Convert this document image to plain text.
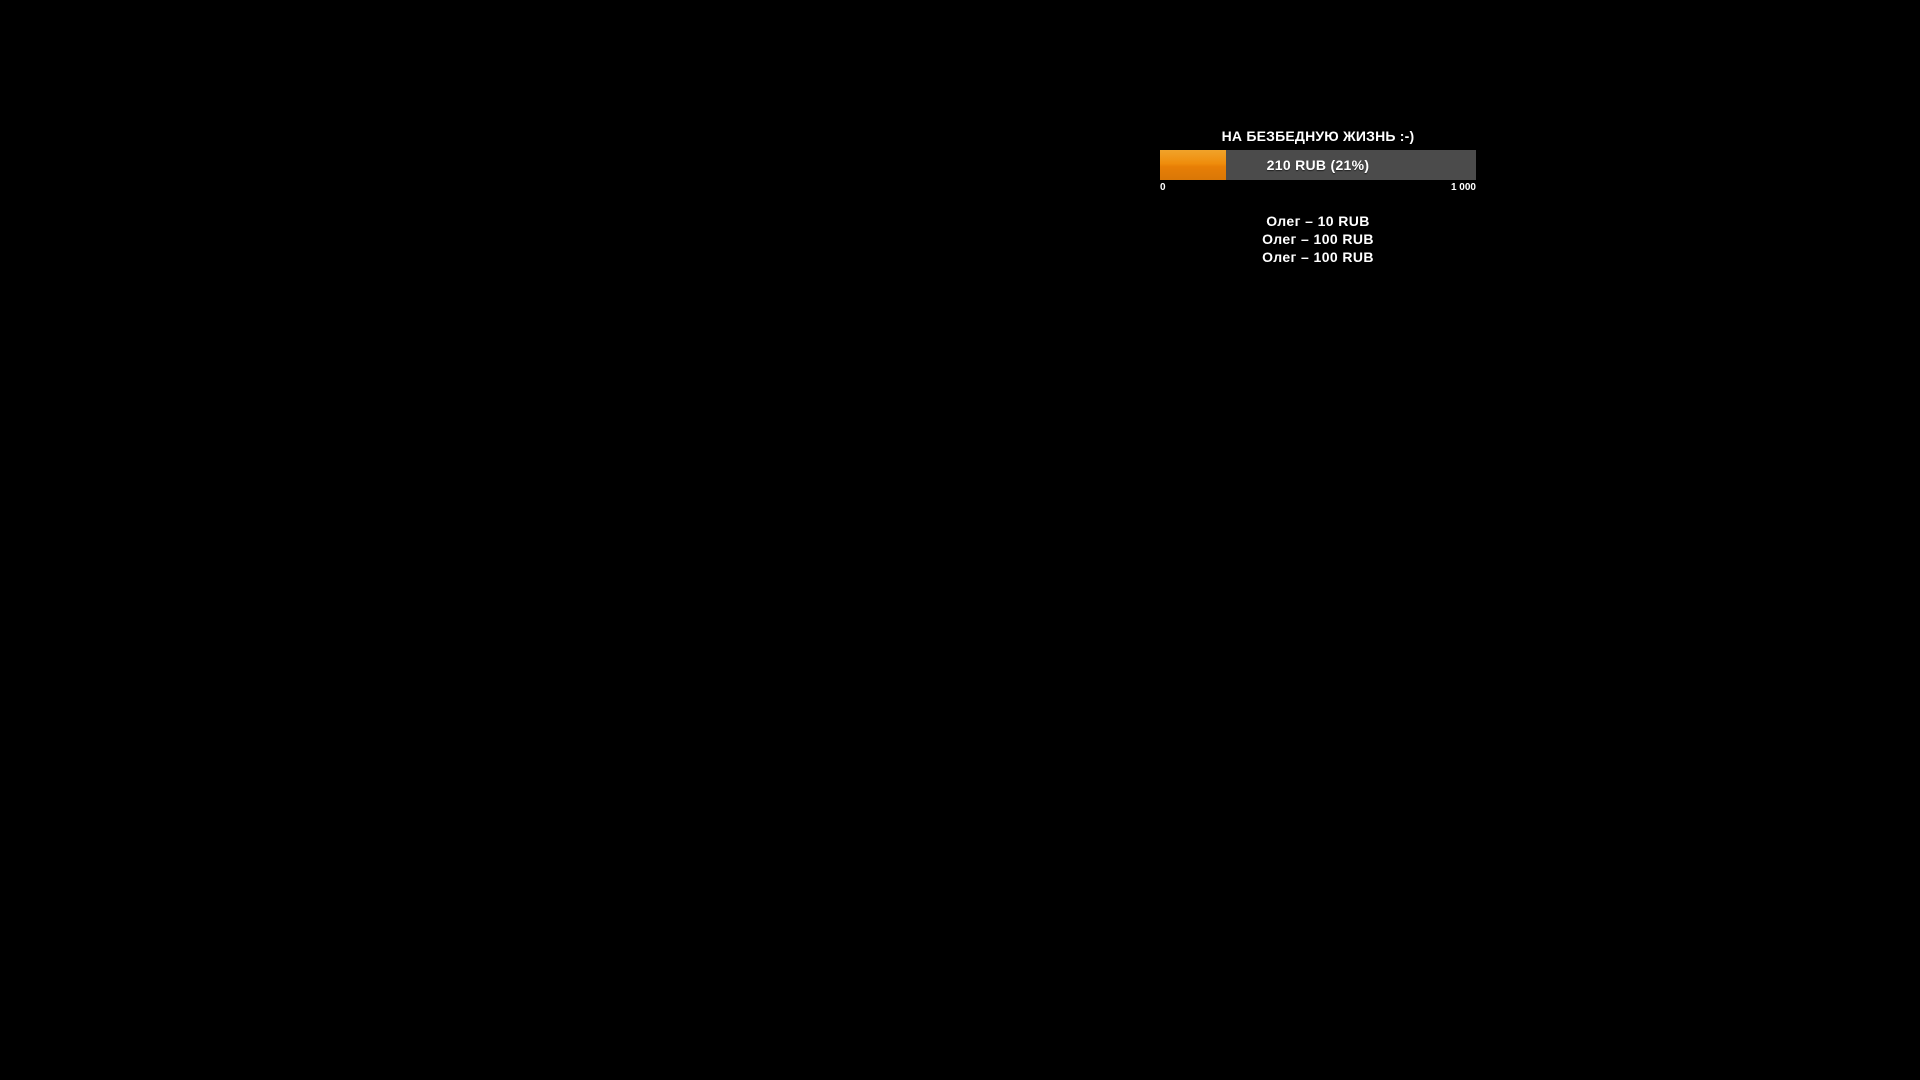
НА БЕЗБЕДНУЮ ЖИЗНЬ :-)
210 RUB (21%)
0	1 000
Олег – 10 RUB
Олег – 100 RUB
Олег – 100 RUB
